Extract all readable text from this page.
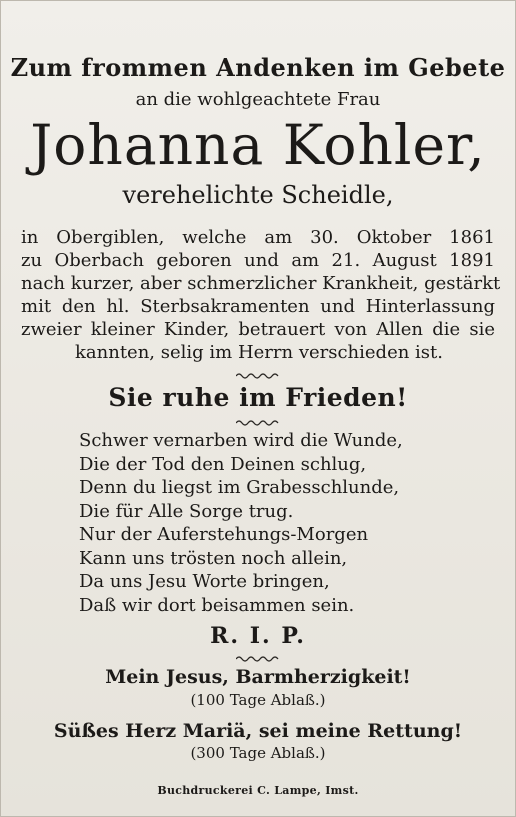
Zum frommen Andenken im Gebete
an die wohlgeachtete Frau
Johanna Kohler,
verehelichte Scheidle,
in Obergiblen, welche am 30. Oktober 1861
zu Oberbach geboren und am 21. August 1891
nach kurzer, aber schmerzlicher Krankheit, gestärkt
mit den hl. Sterbsakramenten und Hinterlassung
zweier kleiner Kinder, betrauert von Allen die sie
kannten, selig im Herrn verschieden ist.
Sie ruhe im Frieden!
Schwer vernarben wird die Wunde,
Die der Tod den Deinen schlug,
Denn du liegst im Grabesschlunde,
Die für Alle Sorge trug.
Nur der Auferstehungs-Morgen
Kann uns trösten noch allein,
Da uns Jesu Worte bringen,
Daß wir dort beisammen sein.
R. I. P.
Mein Jesus, Barmherzigkeit!
(100 Tage Ablaß.)
Süßes Herz Mariä, sei meine Rettung!
(300 Tage Ablaß.)
Buchdruckerei C. Lampe, Imst.
